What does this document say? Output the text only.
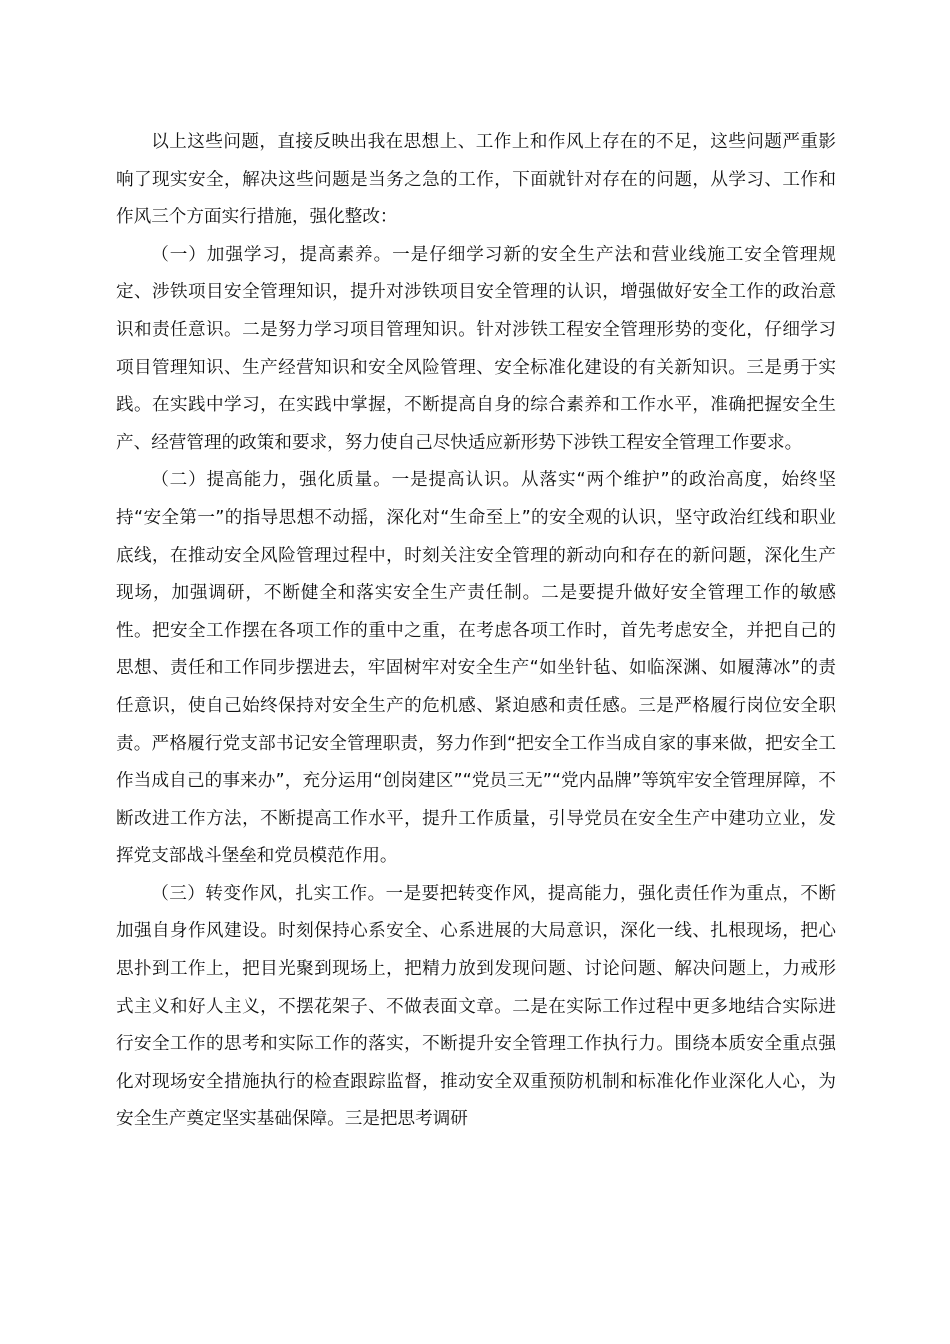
以上这些问题，直接反映出我在思想上、工作上和作风上存在的不足，这些问题严重影响了现实安全，解决这些问题是当务之急的工作，下面就针对存在的问题，从学习、工作和作风三个方面实行措施，强化整改：

（一）加强学习，提高素养。一是仔细学习新的安全生产法和营业线施工安全管理规定、涉铁项目安全管理知识，提升对涉铁项目安全管理的认识，增强做好安全工作的政治意识和责任意识。二是努力学习项目管理知识。针对涉铁工程安全管理形势的变化，仔细学习项目管理知识、生产经营知识和安全风险管理、安全标准化建设的有关新知识。三是勇于实践。在实践中学习，在实践中掌握，不断提高自身的综合素养和工作水平，准确把握安全生产、经营管理的政策和要求，努力使自己尽快适应新形势下涉铁工程安全管理工作要求。

（二）提高能力，强化质量。一是提高认识。从落实“两个维护”的政治高度，始终坚持“安全第一”的指导思想不动摇，深化对“生命至上”的安全观的认识，坚守政治红线和职业底线，在推动安全风险管理过程中，时刻关注安全管理的新动向和存在的新问题，深化生产现场，加强调研，不断健全和落实安全生产责任制。二是要提升做好安全管理工作的敏感性。把安全工作摆在各项工作的重中之重，在考虑各项工作时，首先考虑安全，并把自己的思想、责任和工作同步摆进去，牢固树牢对安全生产“如坐针毡、如临深渊、如履薄冰”的责任意识，使自己始终保持对安全生产的危机感、紧迫感和责任感。三是严格履行岗位安全职责。严格履行党支部书记安全管理职责，努力作到“把安全工作当成自家的事来做，把安全工作当成自己的事来办”，充分运用“创岗建区”“党员三无”“党内品牌”等筑牢安全管理屏障，不断改进工作方法，不断提高工作水平，提升工作质量，引导党员在安全生产中建功立业，发挥党支部战斗堡垒和党员模范作用。

（三）转变作风，扎实工作。一是要把转变作风，提高能力，强化责任作为重点，不断加强自身作风建设。时刻保持心系安全、心系进展的大局意识，深化一线、扎根现场，把心思扑到工作上，把目光聚到现场上，把精力放到发现问题、讨论问题、解决问题上，力戒形式主义和好人主义，不摆花架子、不做表面文章。二是在实际工作过程中更多地结合实际进行安全工作的思考和实际工作的落实，不断提升安全管理工作执行力。围绕本质安全重点强化对现场安全措施执行的检查跟踪监督，推动安全双重预防机制和标准化作业深化人心，为安全生产奠定坚实基础保障。三是把思考调研
